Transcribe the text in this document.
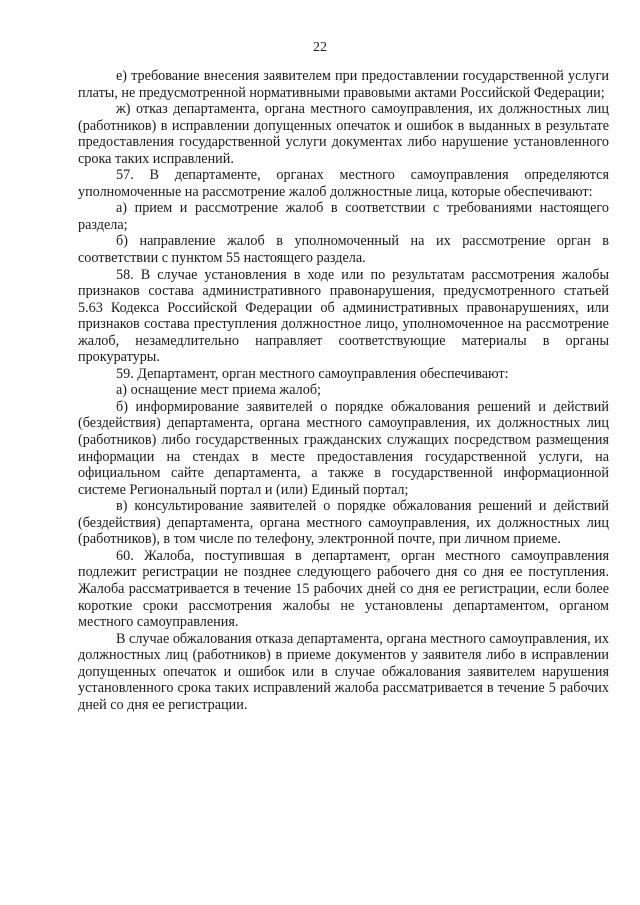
22

е) требование внесения заявителем при предоставлении государственной услуги платы, не предусмотренной нормативными правовыми актами Российской Федерации;

ж) отказ департамента, органа местного самоуправления, их должностных лиц (работников) в исправлении допущенных опечаток и ошибок в выданных в результате предоставления государственной услуги документах либо нарушение установленного срока таких исправлений.

57. В департаменте, органах местного самоуправления определяются уполномоченные на рассмотрение жалоб должностные лица, которые обеспечивают:

а) прием и рассмотрение жалоб в соответствии с требованиями настоящего раздела;

б) направление жалоб в уполномоченный на их рассмотрение орган в соответствии с пунктом 55 настоящего раздела.

58. В случае установления в ходе или по результатам рассмотрения жалобы признаков состава административного правонарушения, предусмотренного статьей 5.63 Кодекса Российской Федерации об административных правонарушениях, или признаков состава преступления должностное лицо, уполномоченное на рассмотрение жалоб, незамедлительно направляет соответствующие материалы в органы прокуратуры.

59. Департамент, орган местного самоуправления обеспечивают:

а) оснащение мест приема жалоб;

б) информирование заявителей о порядке обжалования решений и действий (бездействия) департамента, органа местного самоуправления, их должностных лиц (работников) либо государственных гражданских служащих посредством размещения информации на стендах в месте предоставления государственной услуги, на официальном сайте департамента, а также в государственной информационной системе Региональный портал и (или) Единый портал;

в) консультирование заявителей о порядке обжалования решений и действий (бездействия) департамента, органа местного самоуправления, их должностных лиц (работников), в том числе по телефону, электронной почте, при личном приеме.

60. Жалоба, поступившая в департамент, орган местного самоуправления подлежит регистрации не позднее следующего рабочего дня со дня ее поступления. Жалоба рассматривается в течение 15 рабочих дней со дня ее регистрации, если более короткие сроки рассмотрения жалобы не установлены департаментом, органом местного самоуправления.

В случае обжалования отказа департамента, органа местного самоуправления, их должностных лиц (работников) в приеме документов у заявителя либо в исправлении допущенных опечаток и ошибок или в случае обжалования заявителем нарушения установленного срока таких исправлений жалоба рассматривается в течение 5 рабочих дней со дня ее регистрации.
